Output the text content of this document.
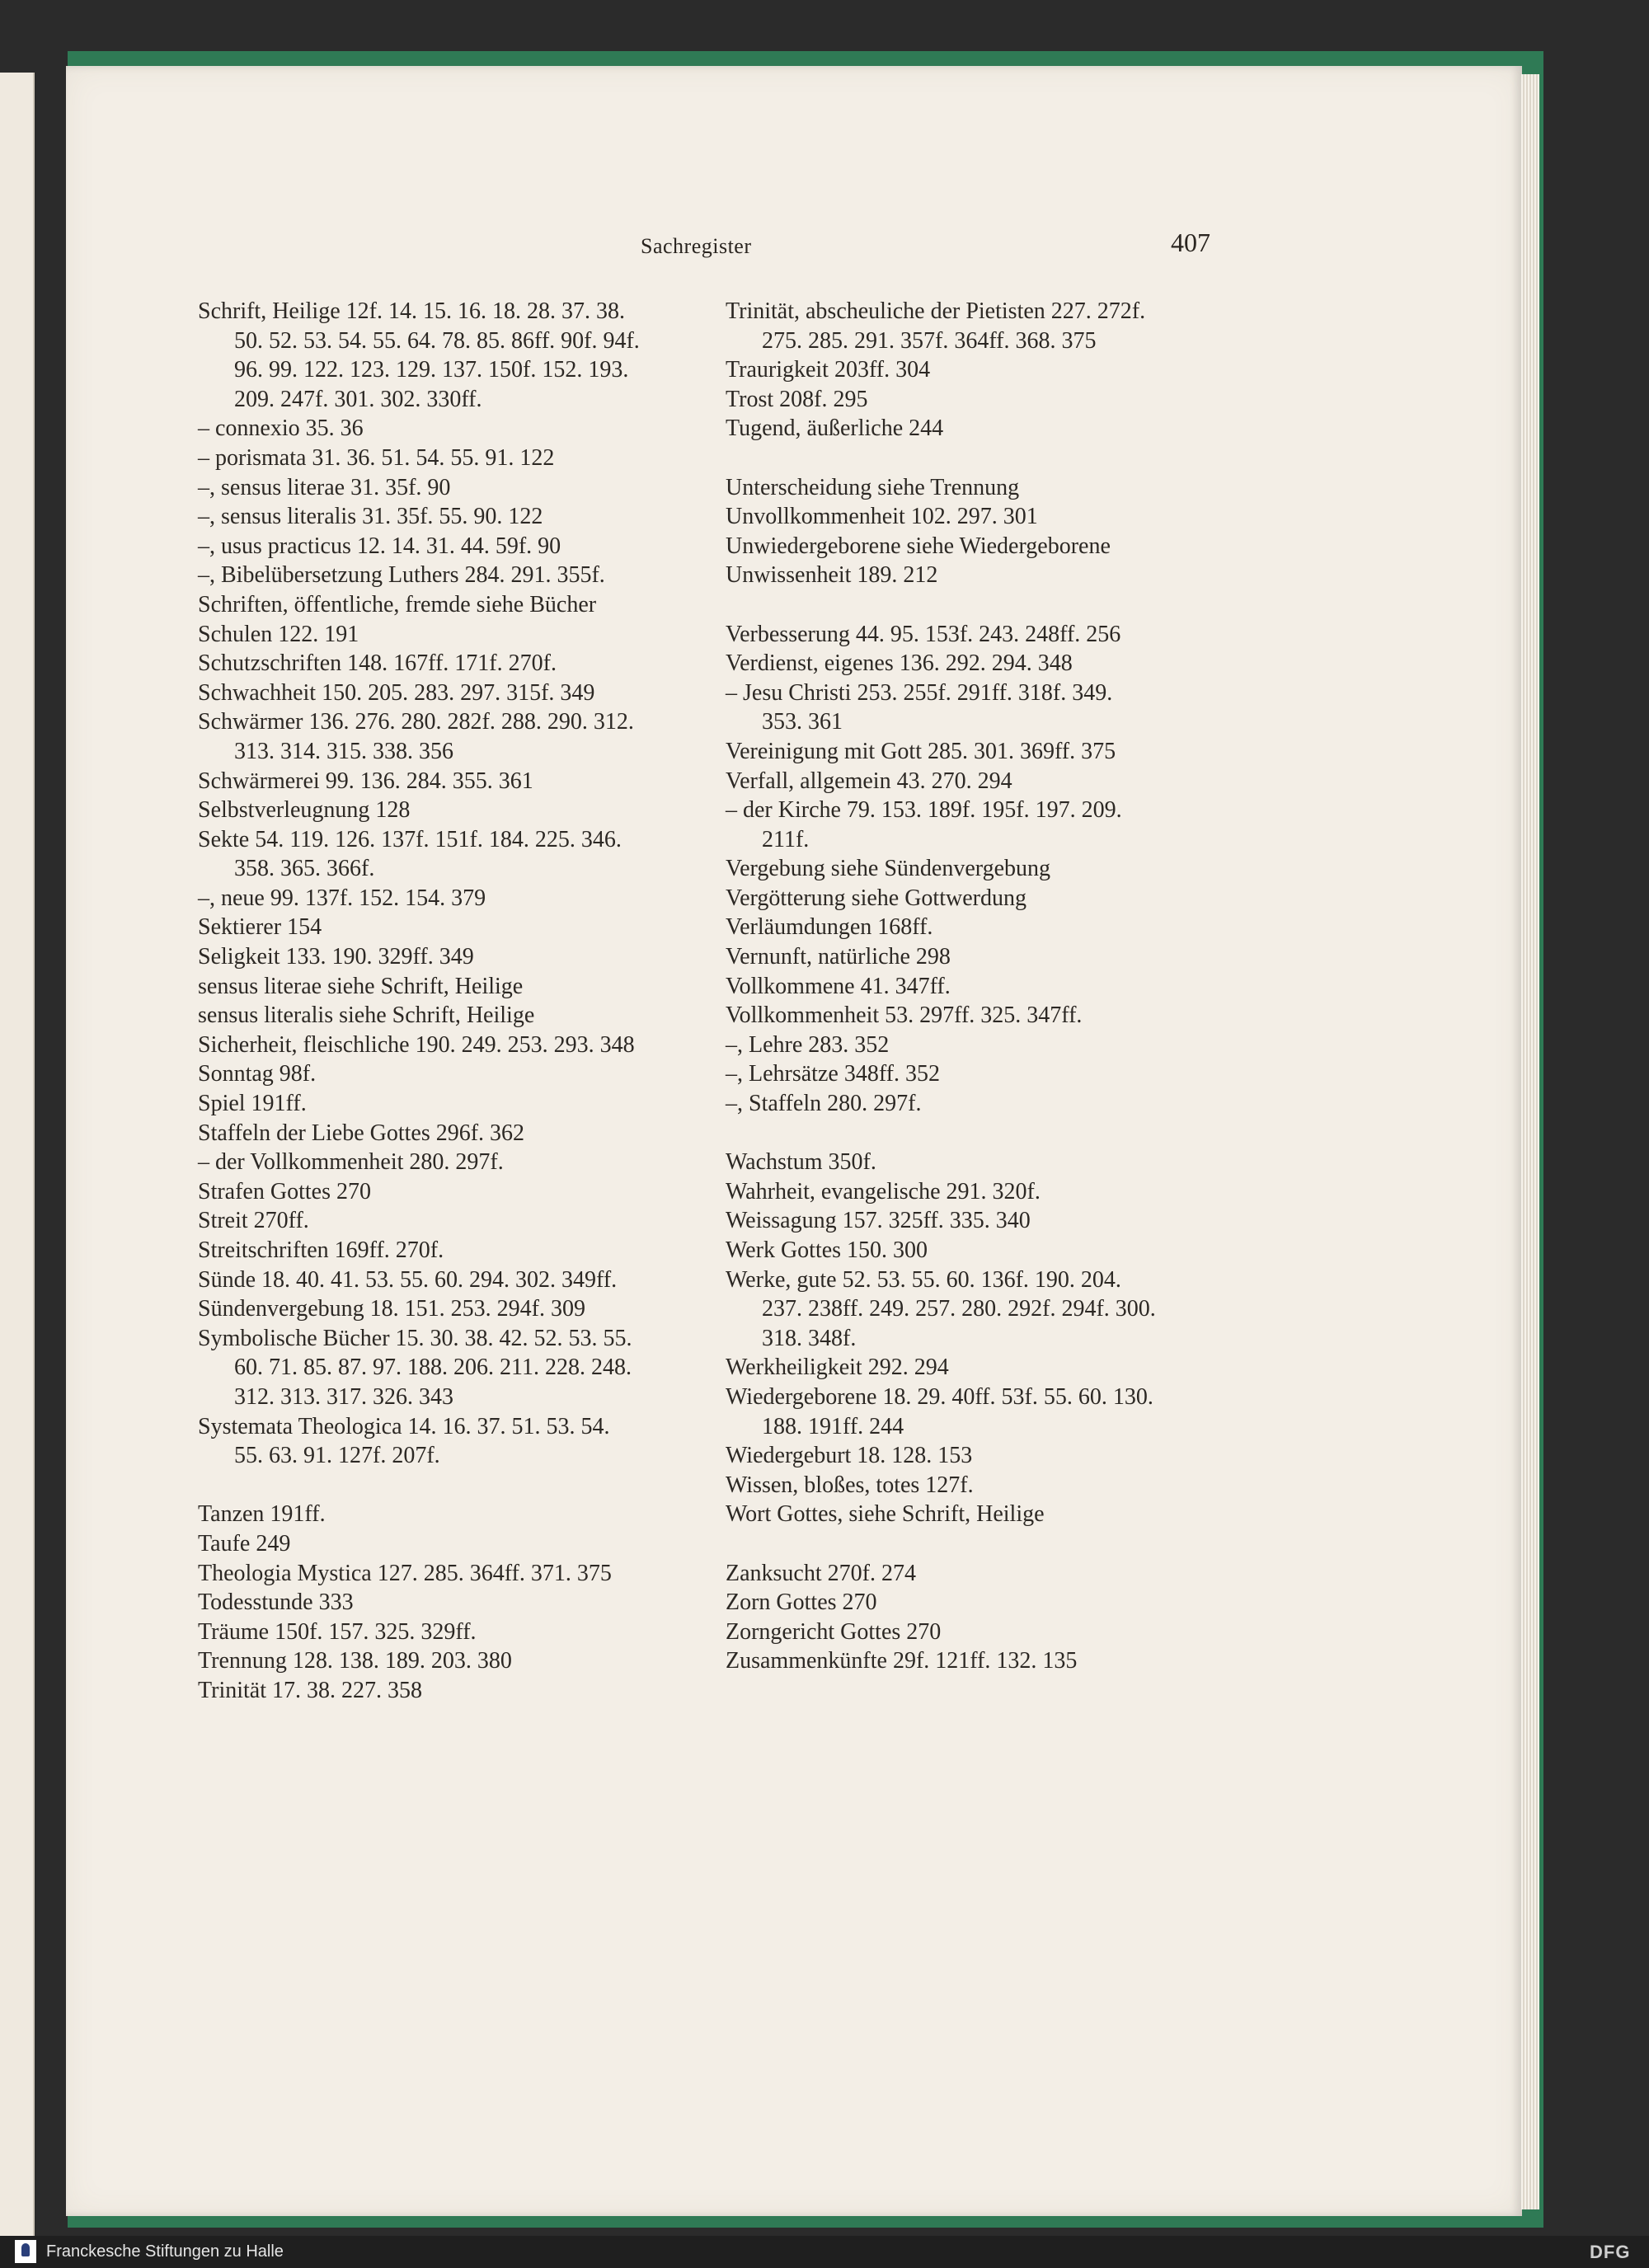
Sachregister	407
Schrift, Heilige 12f. 14. 15. 16. 18. 28. 37. 38.
50. 52. 53. 54. 55. 64. 78. 85. 86ff. 90f. 94f.
96. 99. 122. 123. 129. 137. 150f. 152. 193.
209. 247f. 301. 302. 330ff.
– connexio 35. 36
– porismata 31. 36. 51. 54. 55. 91. 122
–, sensus literae 31. 35f. 90
–, sensus literalis 31. 35f. 55. 90. 122
–, usus practicus 12. 14. 31. 44. 59f. 90
–, Bibelübersetzung Luthers 284. 291. 355f.
Schriften, öffentliche, fremde siehe Bücher
Schulen 122. 191
Schutzschriften 148. 167ff. 171f. 270f.
Schwachheit 150. 205. 283. 297. 315f. 349
Schwärmer 136. 276. 280. 282f. 288. 290. 312.
313. 314. 315. 338. 356
Schwärmerei 99. 136. 284. 355. 361
Selbstverleugnung 128
Sekte 54. 119. 126. 137f. 151f. 184. 225. 346.
358. 365. 366f.
–, neue 99. 137f. 152. 154. 379
Sektierer 154
Seligkeit 133. 190. 329ff. 349
sensus literae siehe Schrift, Heilige
sensus literalis siehe Schrift, Heilige
Sicherheit, fleischliche 190. 249. 253. 293. 348
Sonntag 98f.
Spiel 191ff.
Staffeln der Liebe Gottes 296f. 362
– der Vollkommenheit 280. 297f.
Strafen Gottes 270
Streit 270ff.
Streitschriften 169ff. 270f.
Sünde 18. 40. 41. 53. 55. 60. 294. 302. 349ff.
Sündenvergebung 18. 151. 253. 294f. 309
Symbolische Bücher 15. 30. 38. 42. 52. 53. 55.
60. 71. 85. 87. 97. 188. 206. 211. 228. 248.
312. 313. 317. 326. 343
Systemata Theologica 14. 16. 37. 51. 53. 54.
55. 63. 91. 127f. 207f.
Tanzen 191ff.
Taufe 249
Theologia Mystica 127. 285. 364ff. 371. 375
Todesstunde 333
Träume 150f. 157. 325. 329ff.
Trennung 128. 138. 189. 203. 380
Trinität 17. 38. 227. 358
Trinität, abscheuliche der Pietisten 227. 272f.
275. 285. 291. 357f. 364ff. 368. 375
Traurigkeit 203ff. 304
Trost 208f. 295
Tugend, äußerliche 244
Unterscheidung siehe Trennung
Unvollkommenheit 102. 297. 301
Unwiedergeborene siehe Wiedergeborene
Unwissenheit 189. 212
Verbesserung 44. 95. 153f. 243. 248ff. 256
Verdienst, eigenes 136. 292. 294. 348
– Jesu Christi 253. 255f. 291ff. 318f. 349.
353. 361
Vereinigung mit Gott 285. 301. 369ff. 375
Verfall, allgemein 43. 270. 294
– der Kirche 79. 153. 189f. 195f. 197. 209.
211f.
Vergebung siehe Sündenvergebung
Vergötterung siehe Gottwerdung
Verläumdungen 168ff.
Vernunft, natürliche 298
Vollkommene 41. 347ff.
Vollkommenheit 53. 297ff. 325. 347ff.
–, Lehre 283. 352
–, Lehrsätze 348ff. 352
–, Staffeln 280. 297f.
Wachstum 350f.
Wahrheit, evangelische 291. 320f.
Weissagung 157. 325ff. 335. 340
Werk Gottes 150. 300
Werke, gute 52. 53. 55. 60. 136f. 190. 204.
237. 238ff. 249. 257. 280. 292f. 294f. 300.
318. 348f.
Werkheiligkeit 292. 294
Wiedergeborene 18. 29. 40ff. 53f. 55. 60. 130.
188. 191ff. 244
Wiedergeburt 18. 128. 153
Wissen, bloßes, totes 127f.
Wort Gottes, siehe Schrift, Heilige
Zanksucht 270f. 274
Zorn Gottes 270
Zorngericht Gottes 270
Zusammenkünfte 29f. 121ff. 132. 135
Franckesche Stiftungen zu Halle	DFG
